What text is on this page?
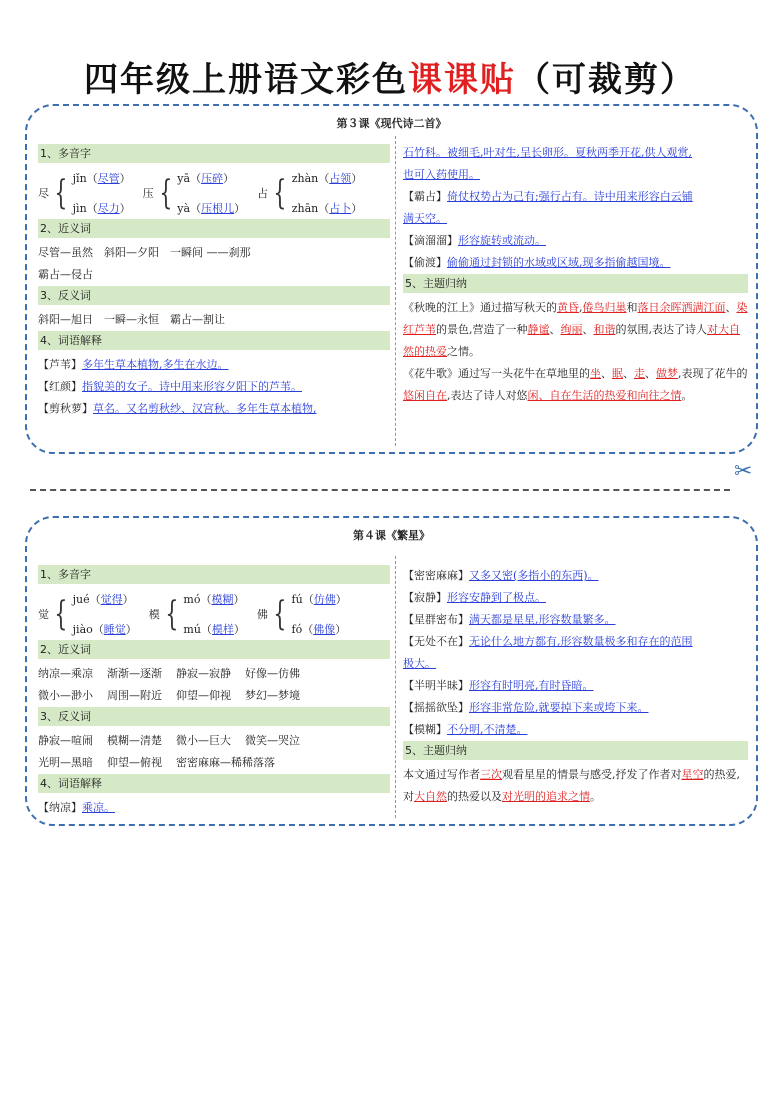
四年级上册语文彩色课课贴（可裁剪）
第３课《现代诗二首》
1、多音字
尽 { jǐn（尽管）
jìn（尽力）
压 { yā（压碎）
yà（压根儿）
占 { zhàn（占领）
zhān（占卜）
2、近义词
尽管—虽然　斜阳—夕阳　一瞬间 ——刹那
霸占—侵占
3、反义词
斜阳—旭日　一瞬—永恒　霸占—割让
4、词语解释
【芦苇】多年生草本植物,多生在水边。
【红颜】指貌美的女子。诗中用来形容夕阳下的芦苇。
【剪秋萝】草名。又名剪秋纱、汉宫秋。多年生草本植物,
石竹科。被细毛,叶对生,呈长卵形。夏秋两季开花,供人观赏,
也可入药使用。
【霸占】倚仗权势占为己有;强行占有。诗中用来形容白云铺
满天空。
【滴溜溜】形容旋转或流动。
【偷渡】偷偷通过封锁的水域或区域,现多指偷越国境。
5、主题归纳
《秋晚的江上》通过描写秋天的黄昏,倦鸟归巢和落日余晖洒满江面、染红芦苇的景色,营造了一种静谧、绚丽、和谐的氛围,表达了诗人对大自然的热爱之情。
《花牛歌》通过写一头花牛在草地里的坐、眠、走、做梦,表现了花牛的悠闲自在,表达了诗人对悠闲、自在生活的热爱和向往之情。
✂
第４课《繁星》
1、多音字
觉 { jué（觉得）
jiào（睡觉）
模 { mó（模糊）
mú（模样）
佛 { fú（仿佛）
fó（佛像）
2、近义词
纳凉—乘凉 渐渐—逐渐 静寂—寂静 好像—仿佛
微小—渺小 周围—附近 仰望—仰视 梦幻—梦境
3、反义词
静寂—喧闹 模糊—清楚 微小—巨大 微笑—哭泣
光明—黑暗 仰望—俯视 密密麻麻—稀稀落落
4、词语解释
【纳凉】乘凉。
【密密麻麻】又多又密(多指小的东西)。
【寂静】形容安静到了极点。
【星群密布】满天都是星星,形容数量繁多。
【无处不在】无论什么地方都有,形容数量极多和存在的范围
极大。
【半明半昧】形容有时明亮,有时昏暗。
【摇摇欲坠】形容非常危险,就要掉下来或垮下来。
【模糊】不分明,不清楚。
5、主题归纳
本文通过写作者三次观看星星的情景与感受,抒发了作者对星空的热爱,对大自然的热爱以及对光明的追求之情。
